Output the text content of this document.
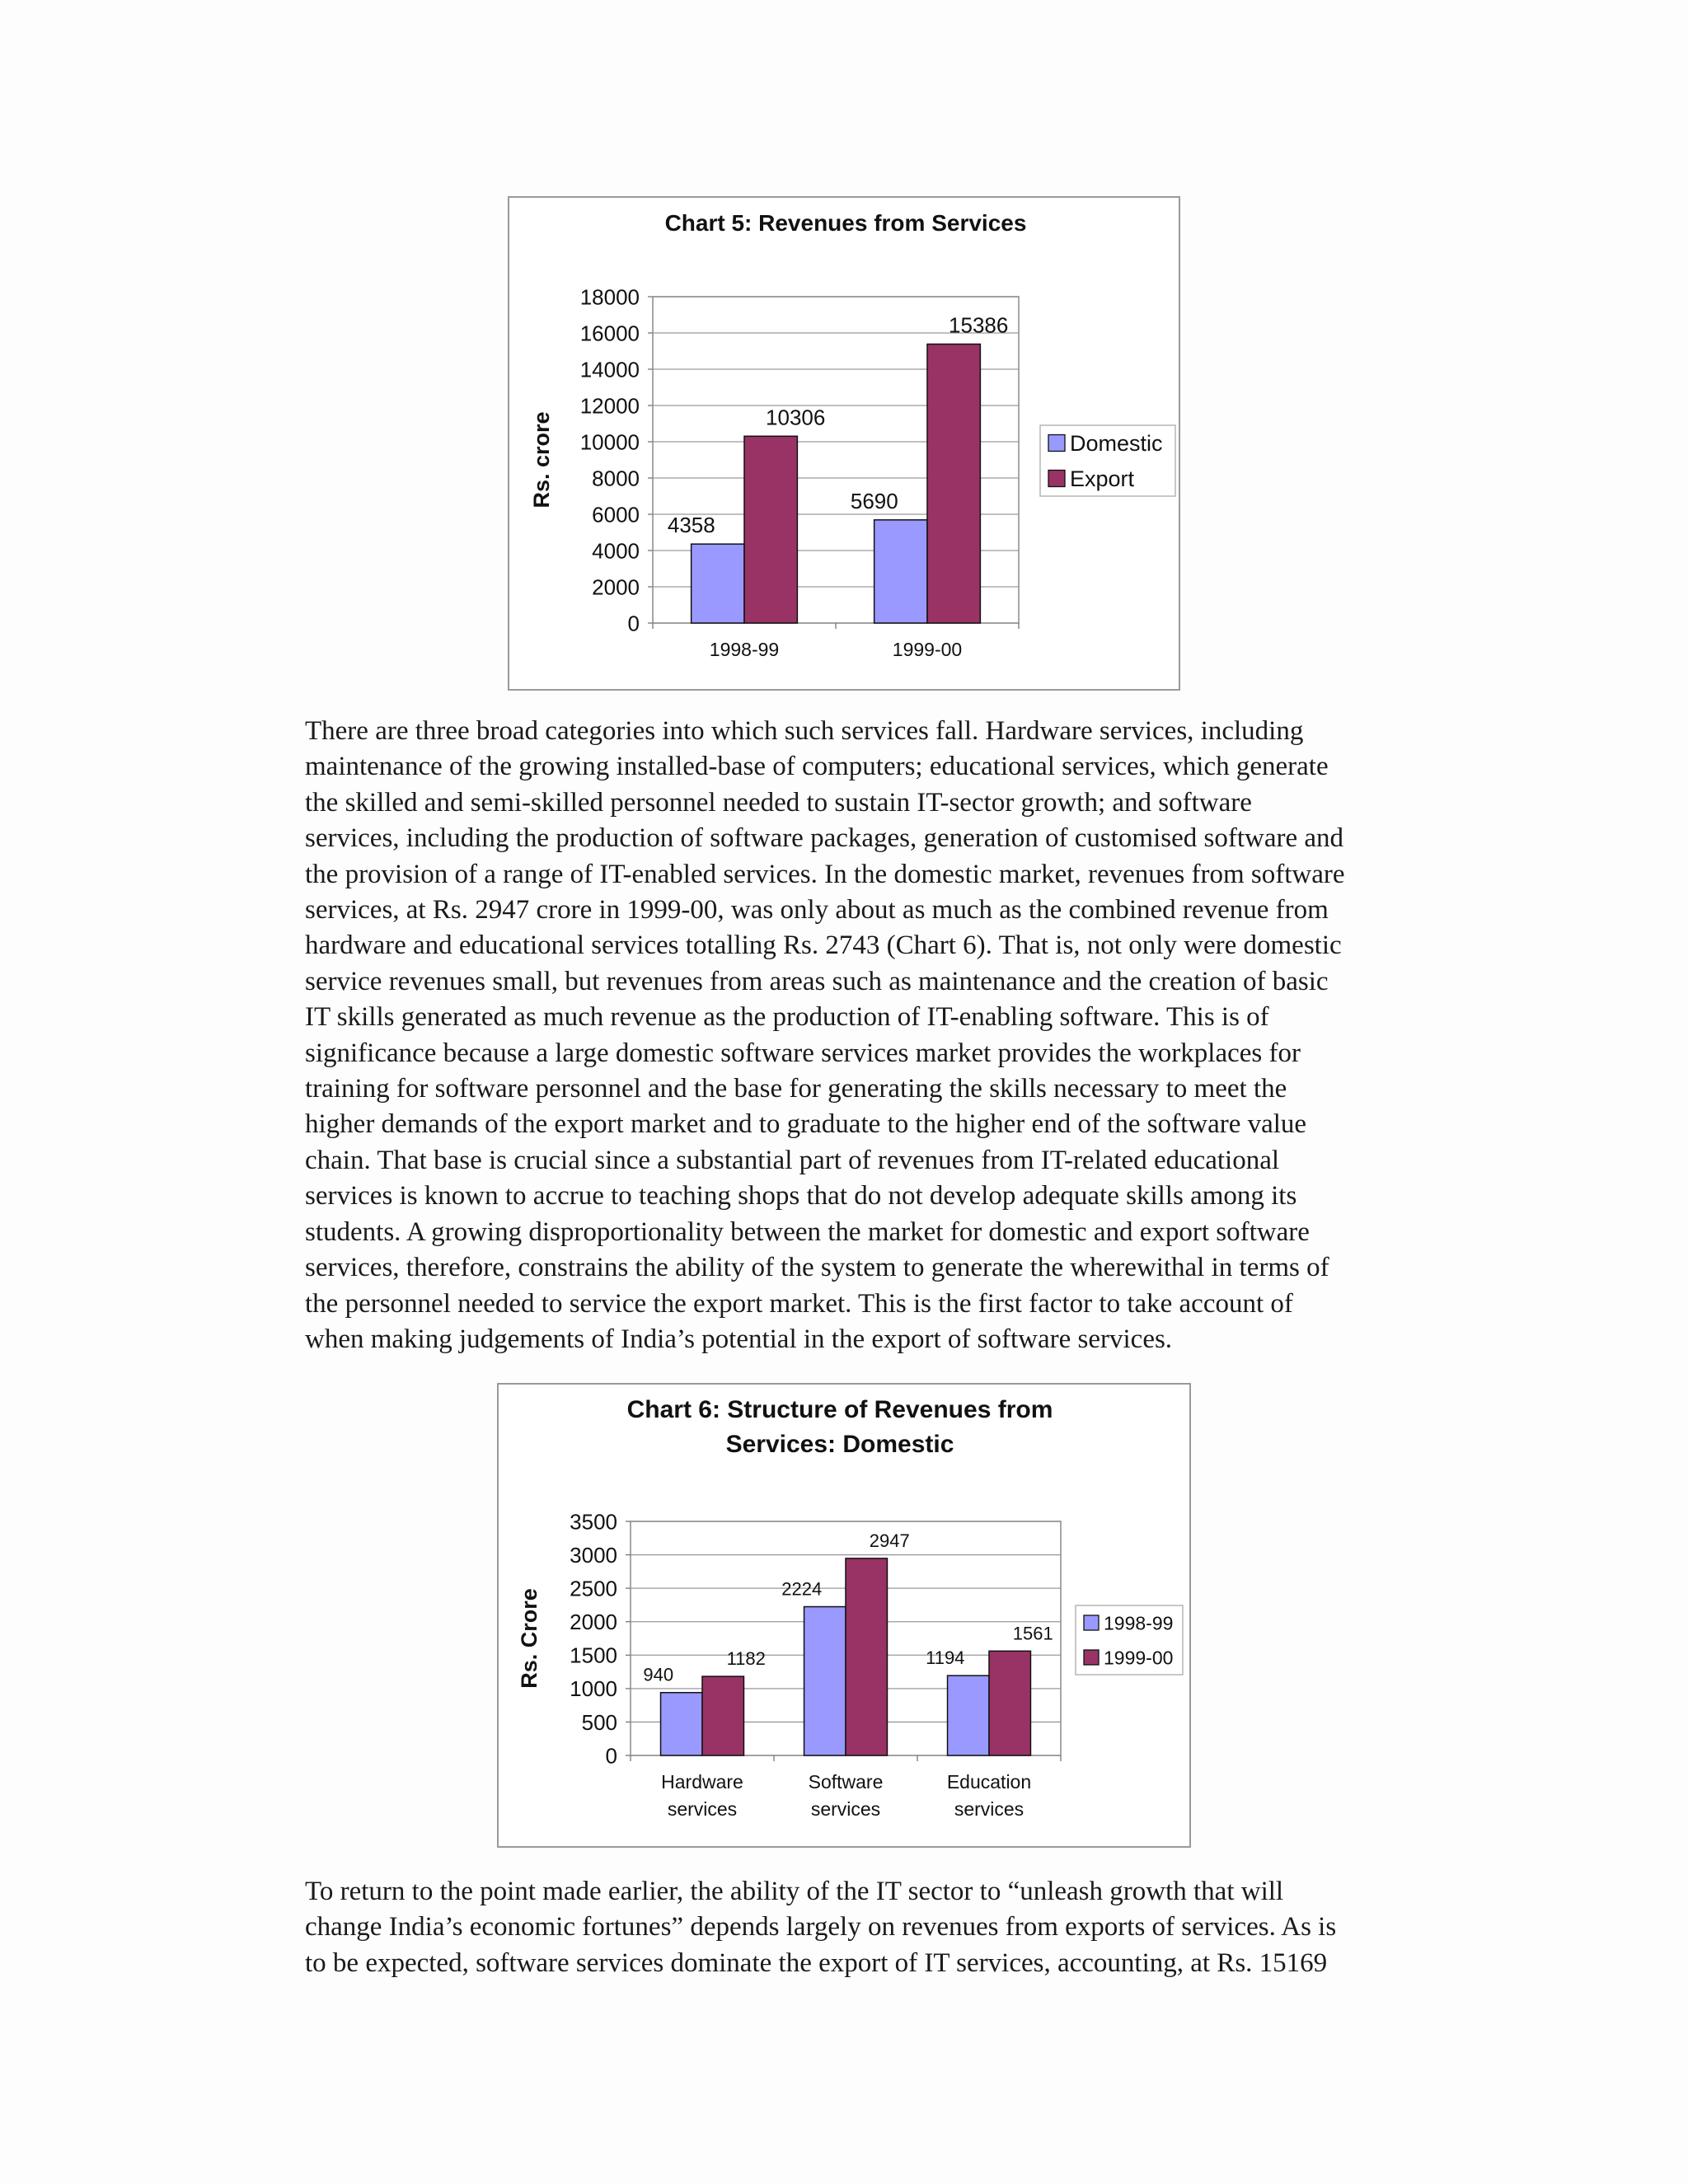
Chart 5: Revenues from Services
0
2000
4000
6000
8000
10000
12000
14000
16000
18000
Rs. crore
4358
10306
1998-99
5690
15386
1999-00
Domestic
Export
There are three broad categories into which such services fall. Hardware services, including
maintenance of the growing installed-base of computers; educational services, which generate
the skilled and semi-skilled personnel needed to sustain IT-sector growth; and software
services, including the production of software packages, generation of customised software and
the provision of a range of IT-enabled services. In the domestic market, revenues from software
services, at Rs. 2947 crore in 1999-00, was only about as much as the combined revenue from
hardware and educational services totalling Rs. 2743 (Chart 6). That is, not only were domestic
service revenues small, but revenues from areas such as maintenance and the creation of basic
IT skills generated as much revenue as the production of IT-enabling software. This is of
significance because a large domestic software services market provides the workplaces for
training for software personnel and the base for generating the skills necessary to meet the
higher demands of the export market and to graduate to the higher end of the software value
chain. That base is crucial since a substantial part of revenues from IT-related educational
services is known to accrue to teaching shops that do not develop adequate skills among its
students. A growing disproportionality between the market for domestic and export software
services, therefore, constrains the ability of the system to generate the wherewithal in terms of
the personnel needed to service the export market. This is the first factor to take account of
when making judgements of India’s potential in the export of software services.
Chart 6: Structure of Revenues from
Services: Domestic
0
500
1000
1500
2000
2500
3000
3500
Rs. Crore	940
1182
Hardware
services
2224
2947
Software
services
1194
1561
Education
services
1998-99
1999-00
To return to the point made earlier, the ability of the IT sector to “unleash growth that will
change India’s economic fortunes” depends largely on revenues from exports of services. As is
to be expected, software services dominate the export of IT services, accounting, at Rs. 15169
